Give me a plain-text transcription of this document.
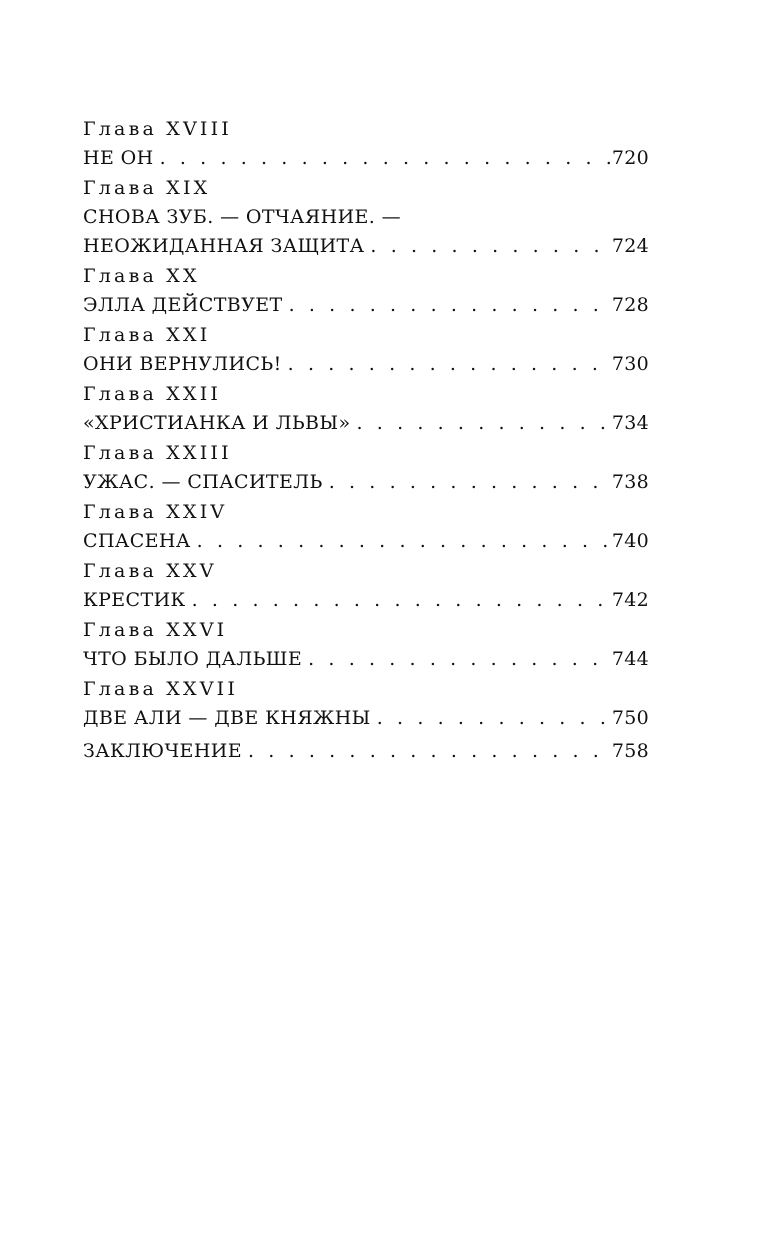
Глава XVIII
НЕ ОН . . .	720
Глава XIX
СНОВА ЗУБ. — ОТЧАЯНИЕ. —
НЕОЖИДАННАЯ ЗАЩИТА . . .	724
Глава XX
ЭЛЛА ДЕЙСТВУЕТ . . .	728
Глава XXI
ОНИ ВЕРНУЛИСЬ! . . .	730
Глава XXII
«ХРИСТИАНКА И ЛЬВЫ» . . .	734
Глава XXIII
УЖАС. — СПАСИТЕЛЬ . . .	738
Глава XXIV
СПАСЕНА . . .	740
Глава XXV
КРЕСТИК . . .	742
Глава XXVI
ЧТО БЫЛО ДАЛЬШЕ . . .	744
Глава XXVII
ДВЕ АЛИ — ДВЕ КНЯЖНЫ . . .	750
ЗАКЛЮЧЕНИЕ . . .	758
